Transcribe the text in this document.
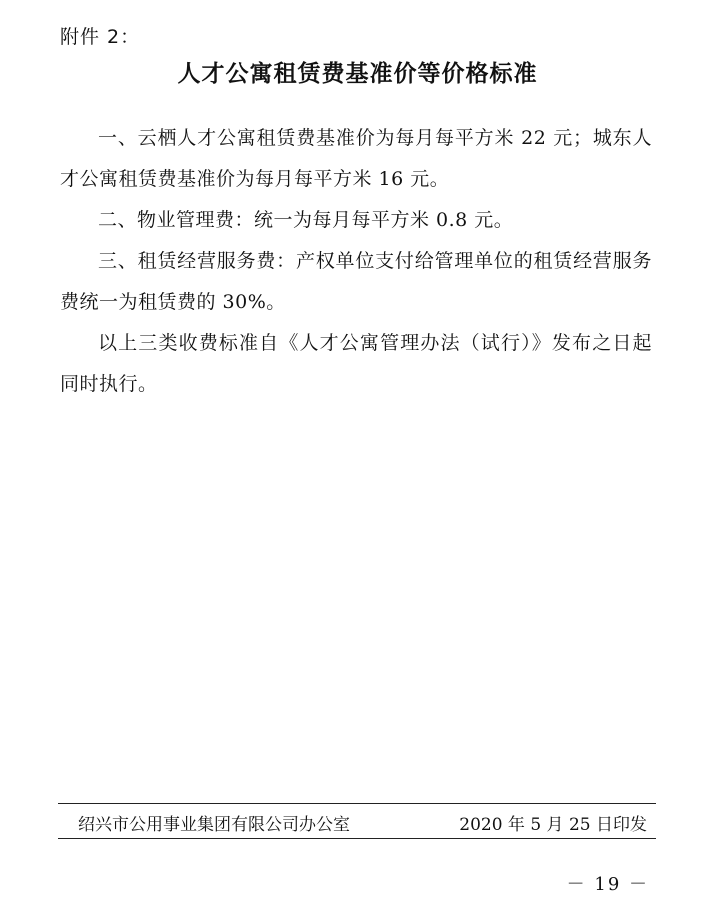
附件 2：
人才公寓租赁费基准价等价格标准

一、云栖人才公寓租赁费基准价为每月每平方米 22 元；城东人才公寓租赁费基准价为每月每平方米 16 元。

二、物业管理费：统一为每月每平方米 0.8 元。

三、租赁经营服务费：产权单位支付给管理单位的租赁经营服务费统一为租赁费的 30%。

以上三类收费标准自《人才公寓管理办法（试行）》发布之日起同时执行。

绍兴市公用事业集团有限公司办公室	2020 年 5 月 25 日印发
－ 19 －
